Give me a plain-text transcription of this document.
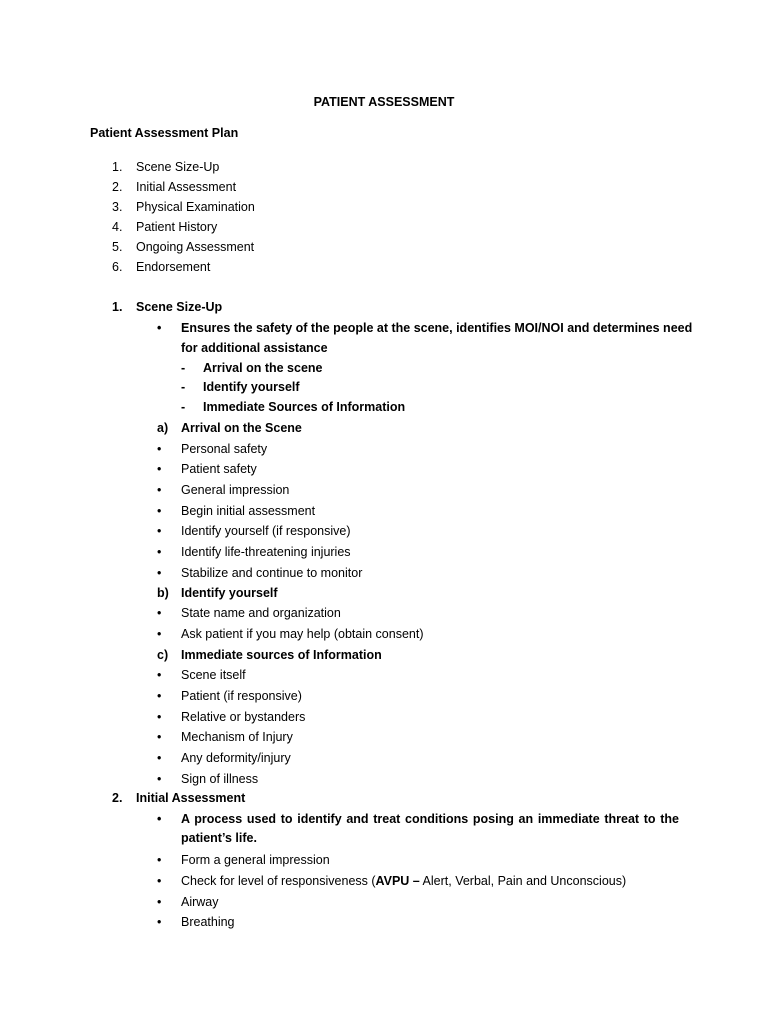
PATIENT ASSESSMENT
Patient Assessment Plan
1. Scene Size-Up
2. Initial Assessment
3. Physical Examination
4. Patient History
5. Ongoing Assessment
6. Endorsement
1. Scene Size-Up
• Ensures the safety of the people at the scene, identifies MOI/NOI and determines need
for additional assistance
- Arrival on the scene
- Identify yourself
- Immediate Sources of Information
a) Arrival on the Scene
• Personal safety
• Patient safety
• General impression
• Begin initial assessment
• Identify yourself (if responsive)
• Identify life-threatening injuries
• Stabilize and continue to monitor
b) Identify yourself
• State name and organization
• Ask patient if you may help (obtain consent)
c) Immediate sources of Information
• Scene itself
• Patient (if responsive)
• Relative or bystanders
• Mechanism of Injury
• Any deformity/injury
• Sign of illness
2. Initial Assessment
• A process used to identify and treat conditions posing an immediate threat to the
patient’s life.
• Form a general impression
• Check for level of responsiveness (AVPU – Alert, Verbal, Pain and Unconscious)
• Airway
• Breathing
